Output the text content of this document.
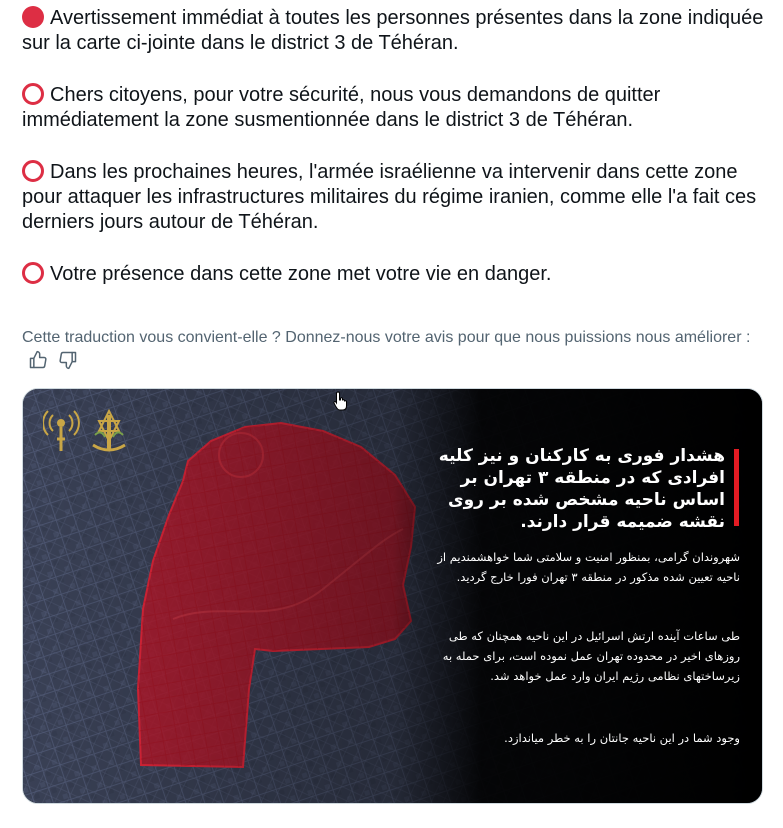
Avertissement immédiat à toutes les personnes présentes dans la zone indiquée sur la carte ci-jointe dans le district 3 de Téhéran.

Chers citoyens, pour votre sécurité, nous vous demandons de quitter immédiatement la zone susmentionnée dans le district 3 de Téhéran.

Dans les prochaines heures, l'armée israélienne va intervenir dans cette zone pour attaquer les infrastructures militaires du régime iranien, comme elle l'a fait ces derniers jours autour de Téhéran.

Votre présence dans cette zone met votre vie en danger.

Cette traduction vous convient-elle ? Donnez-nous votre avis pour que nous puissions nous améliorer :
هشدار فوری به کارکنان و نیز کلیه افرادی که در منطقه ۳ تهران بر اساس ناحیه مشخص شده بر روی نقشه ضمیمه قرار دارند.
شهروندان گرامی، بمنظور امنیت و سلامتی شما خواهشمندیم از ناحیه تعیین شده مذکور در منطقه ۳ تهران فورا خارج گردید.
طی ساعات آینده ارتش اسرائیل در این ناحیه همچنان که طی روزهای اخیر در محدوده تهران عمل نموده است، برای حمله به زیرساختهای نظامی رژیم ایران وارد عمل خواهد شد.
وجود شما در این ناحیه جانتان را به خطر میاندازد.
